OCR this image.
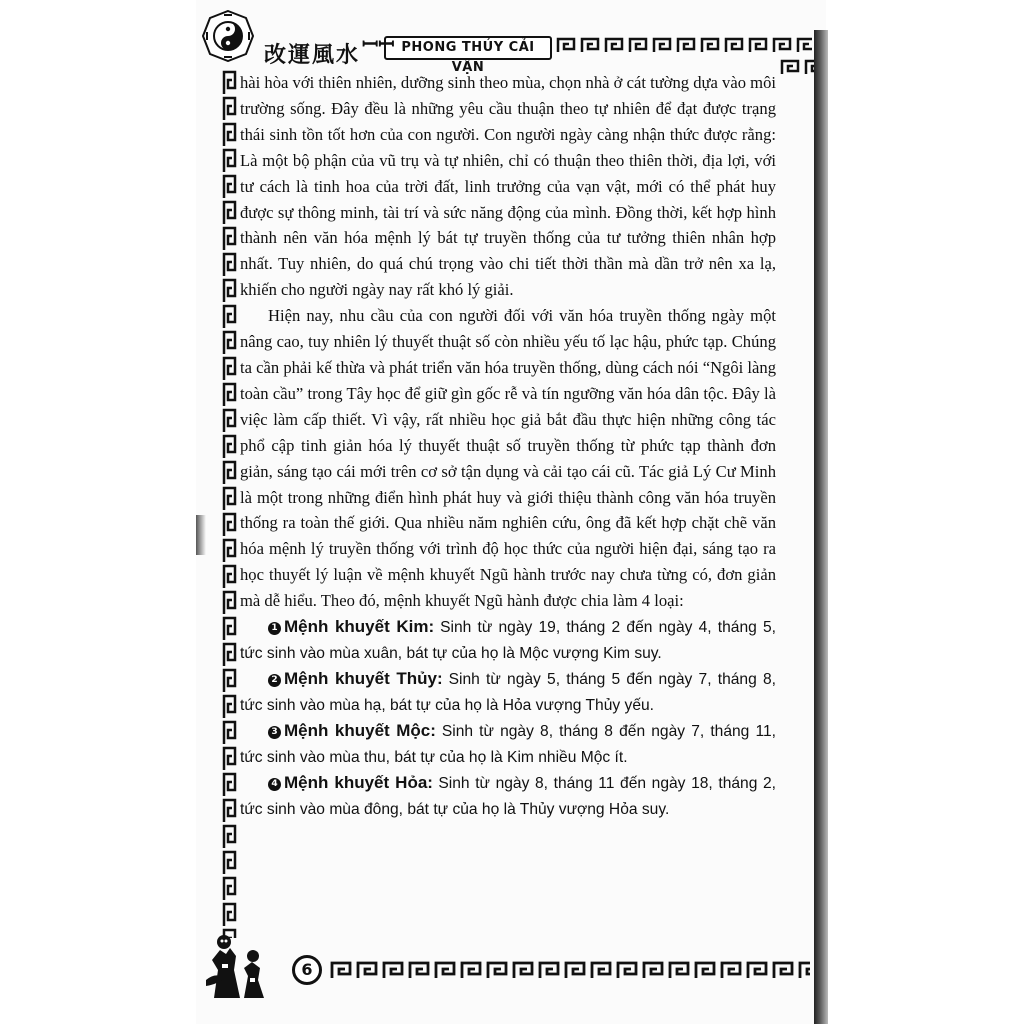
改運風水	PHONG THỦY CẢI VẬN
ꟷꟷ

hài hòa với thiên nhiên, dưỡng sinh theo mùa, chọn nhà ở cát tường dựa vào môi trường sống. Đây đều là những yêu cầu thuận theo tự nhiên để đạt được trạng thái sinh tồn tốt hơn của con người. Con người ngày càng nhận thức được rằng: Là một bộ phận của vũ trụ và tự nhiên, chỉ có thuận theo thiên thời, địa lợi, với tư cách là tinh hoa của trời đất, linh trưởng của vạn vật, mới có thể phát huy được sự thông minh, tài trí và sức năng động của mình. Đồng thời, kết hợp hình thành nên văn hóa mệnh lý bát tự truyền thống của tư tưởng thiên nhân hợp nhất. Tuy nhiên, do quá chú trọng vào chi tiết thời thần mà dần trở nên xa lạ, khiến cho người ngày nay rất khó lý giải.

Hiện nay, nhu cầu của con người đối với văn hóa truyền thống ngày một nâng cao, tuy nhiên lý thuyết thuật số còn nhiều yếu tố lạc hậu, phức tạp. Chúng ta cần phải kế thừa và phát triển văn hóa truyền thống, dùng cách nói “Ngôi làng toàn cầu” trong Tây học để giữ gìn gốc rễ và tín ngưỡng văn hóa dân tộc. Đây là việc làm cấp thiết. Vì vậy, rất nhiều học giả bắt đầu thực hiện những công tác phổ cập tinh giản hóa lý thuyết thuật số truyền thống từ phức tạp thành đơn giản, sáng tạo cái mới trên cơ sở tận dụng và cải tạo cái cũ. Tác giả Lý Cư Minh là một trong những điển hình phát huy và giới thiệu thành công văn hóa truyền thống ra toàn thế giới. Qua nhiều năm nghiên cứu, ông đã kết hợp chặt chẽ văn hóa mệnh lý truyền thống với trình độ học thức của người hiện đại, sáng tạo ra học thuyết lý luận về mệnh khuyết Ngũ hành trước nay chưa từng có, đơn giản mà dễ hiểu. Theo đó, mệnh khuyết Ngũ hành được chia làm 4 loại:

1 Mệnh khuyết Kim: Sinh từ ngày 19, tháng 2 đến ngày 4, tháng 5, tức sinh vào mùa xuân, bát tự của họ là Mộc vượng Kim suy.

2 Mệnh khuyết Thủy: Sinh từ ngày 5, tháng 5 đến ngày 7, tháng 8, tức sinh vào mùa hạ, bát tự của họ là Hỏa vượng Thủy yếu.

3 Mệnh khuyết Mộc: Sinh từ ngày 8, tháng 8 đến ngày 7, tháng 11, tức sinh vào mùa thu, bát tự của họ là Kim nhiều Mộc ít.

4 Mệnh khuyết Hỏa: Sinh từ ngày 8, tháng 11 đến ngày 18, tháng 2, tức sinh vào mùa đông, bát tự của họ là Thủy vượng Hỏa suy.

6
